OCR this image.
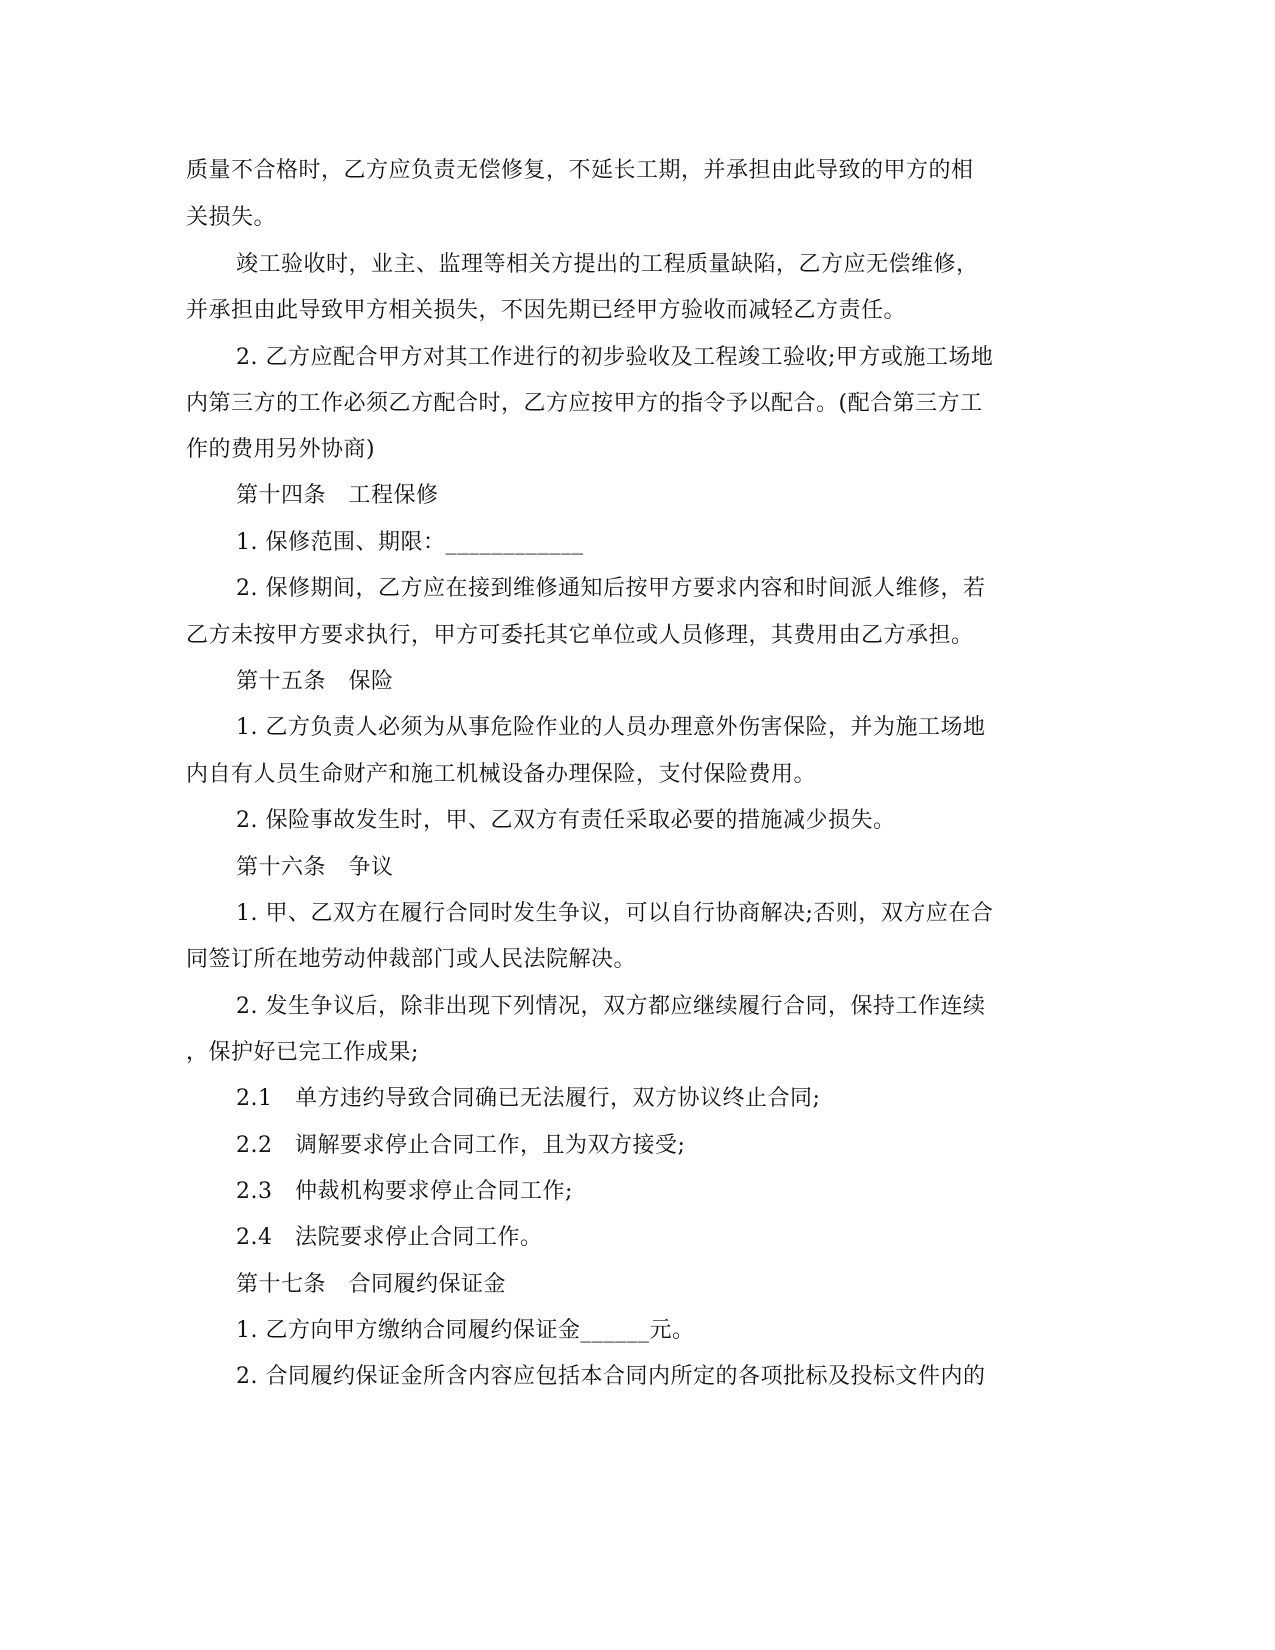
质量不合格时，乙方应负责无偿修复，不延长工期，并承担由此导致的甲方的相
关损失。
竣工验收时，业主、监理等相关方提出的工程质量缺陷，乙方应无偿维修，
并承担由此导致甲方相关损失，不因先期已经甲方验收而减轻乙方责任。
2. 乙方应配合甲方对其工作进行的初步验收及工程竣工验收;甲方或施工场地
内第三方的工作必须乙方配合时，乙方应按甲方的指令予以配合。(配合第三方工
作的费用另外协商)
第十四条　工程保修
1. 保修范围、期限：____________
2. 保修期间，乙方应在接到维修通知后按甲方要求内容和时间派人维修，若
乙方未按甲方要求执行，甲方可委托其它单位或人员修理，其费用由乙方承担。
第十五条　保险
1. 乙方负责人必须为从事危险作业的人员办理意外伤害保险，并为施工场地
内自有人员生命财产和施工机械设备办理保险，支付保险费用。
2. 保险事故发生时，甲、乙双方有责任采取必要的措施减少损失。
第十六条　争议
1. 甲、乙双方在履行合同时发生争议，可以自行协商解决;否则，双方应在合
同签订所在地劳动仲裁部门或人民法院解决。
2. 发生争议后，除非出现下列情况，双方都应继续履行合同，保持工作连续
，保护好已完工作成果;
2.1　单方违约导致合同确已无法履行，双方协议终止合同;
2.2　调解要求停止合同工作，且为双方接受;
2.3　仲裁机构要求停止合同工作;
2.4　法院要求停止合同工作。
第十七条　合同履约保证金
1. 乙方向甲方缴纳合同履约保证金______元。
2. 合同履约保证金所含内容应包括本合同内所定的各项批标及投标文件内的
